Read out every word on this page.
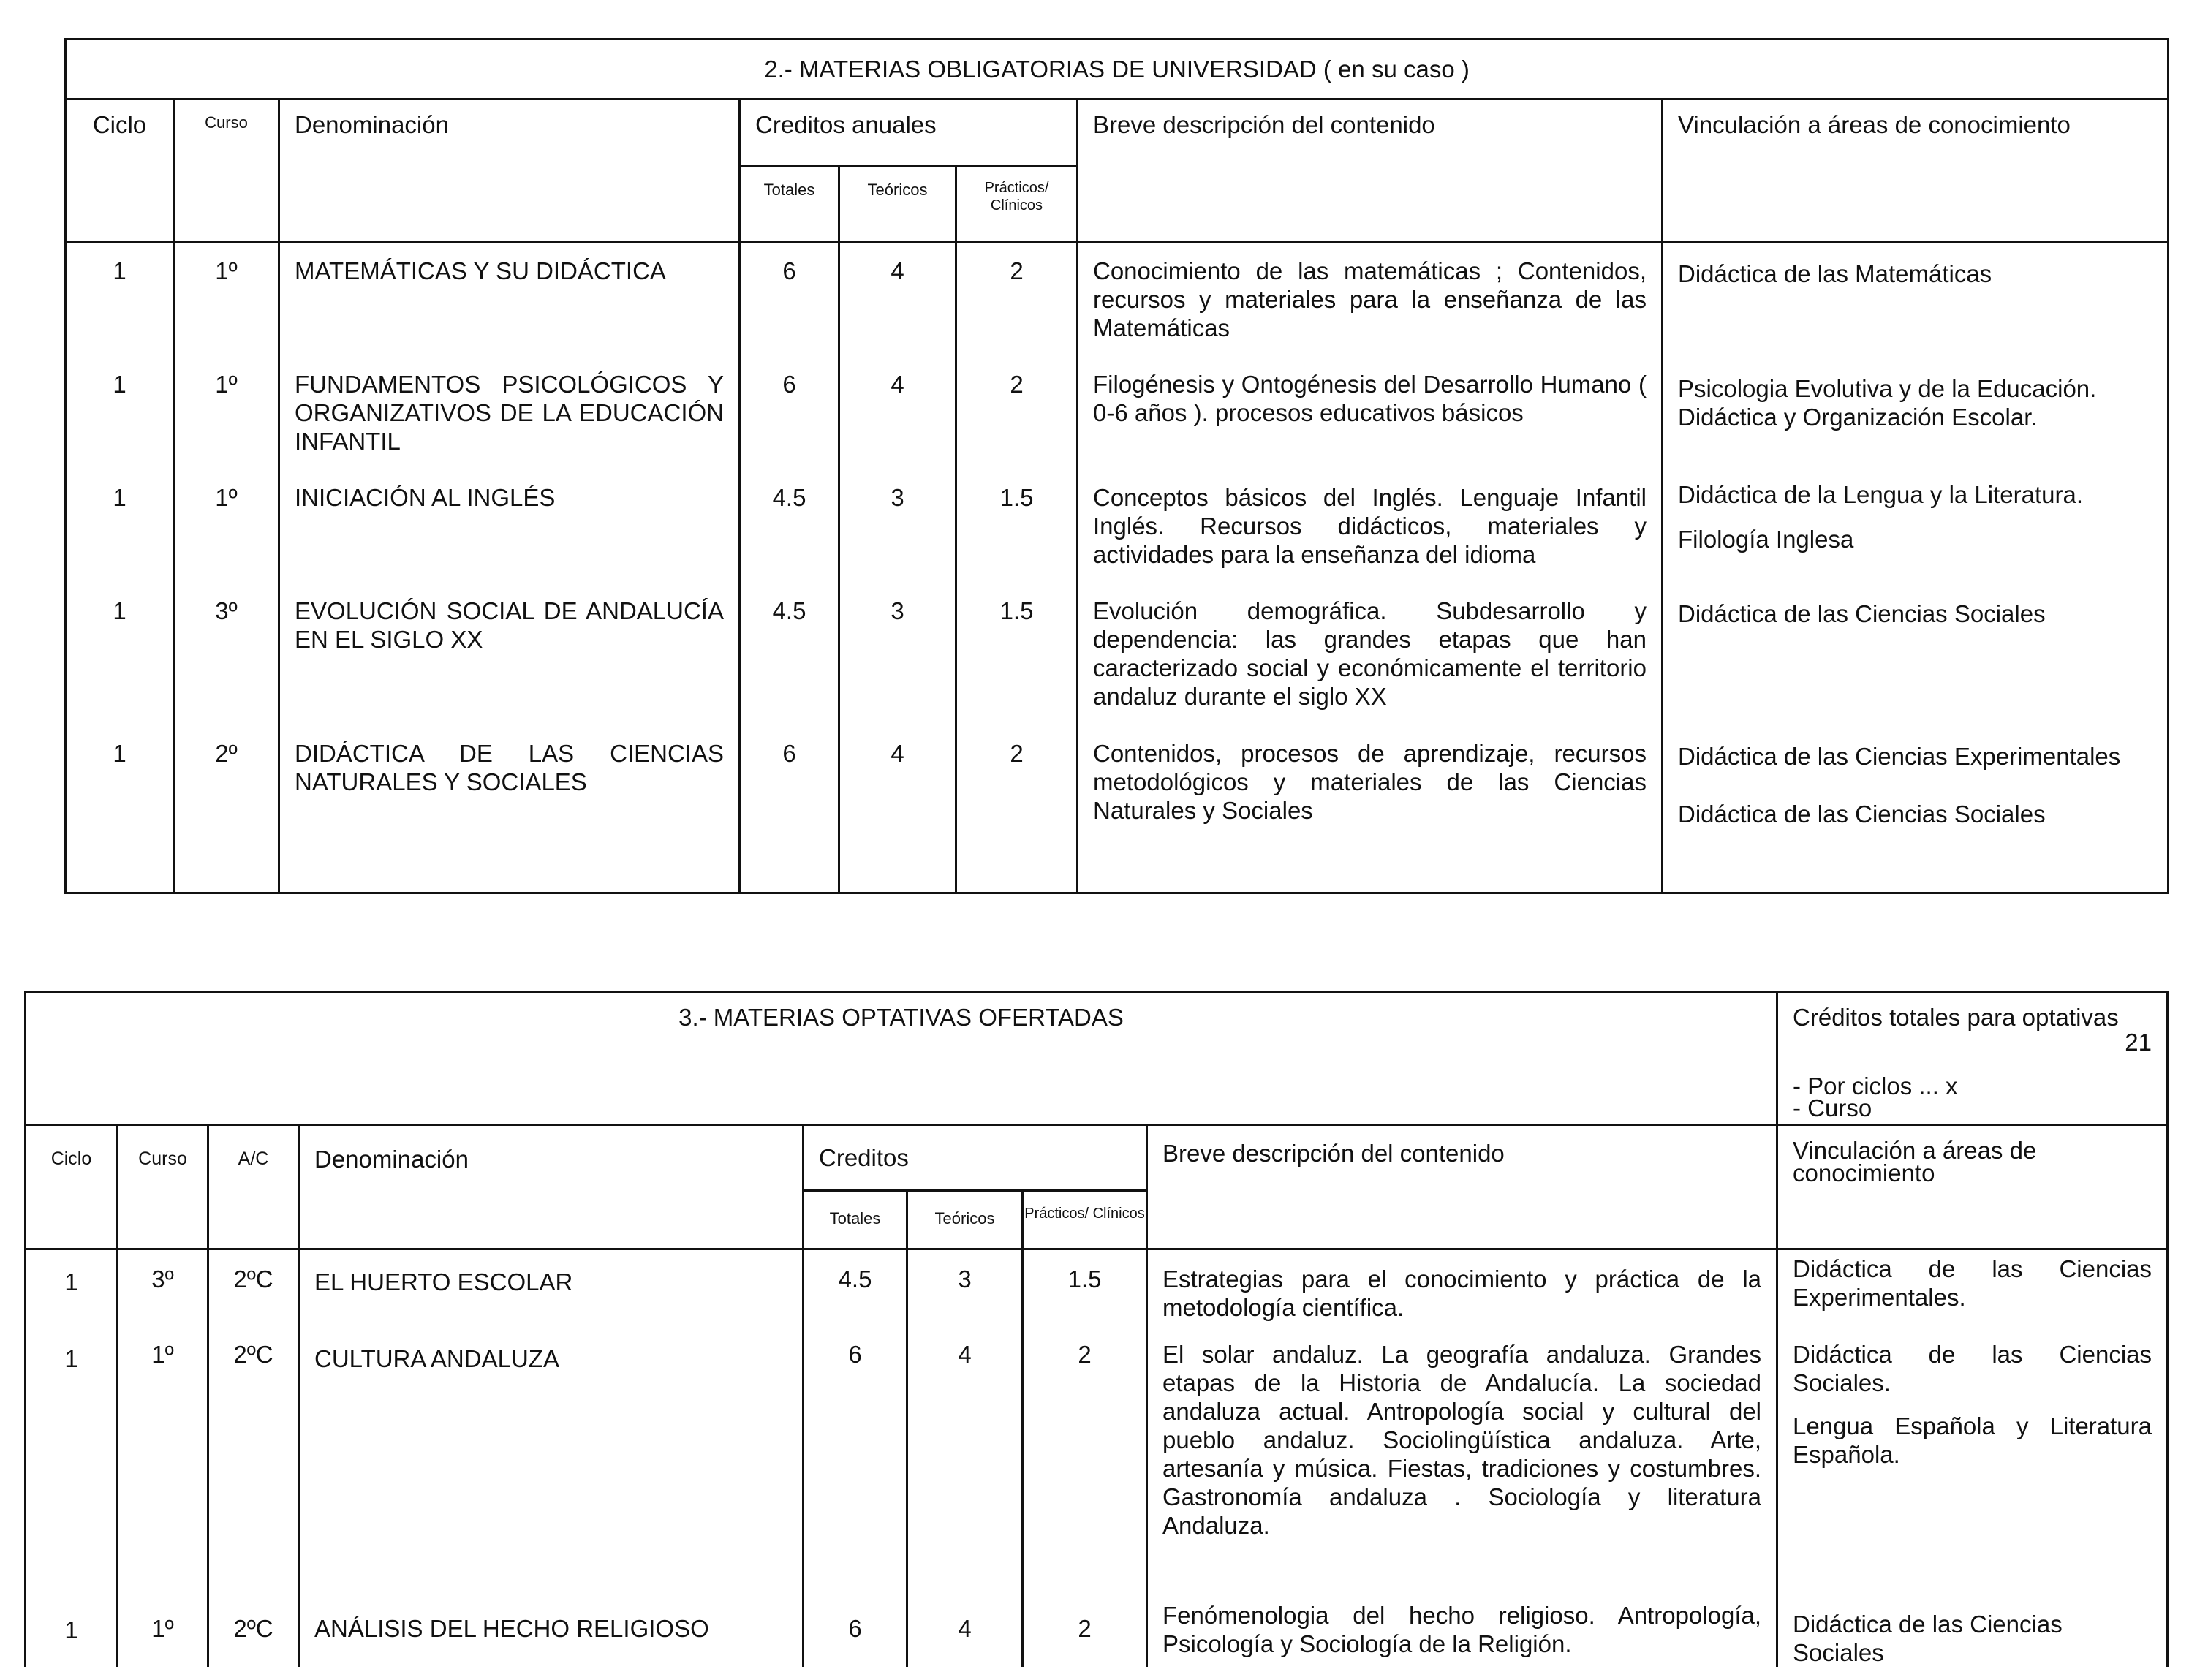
2.- MATERIAS OBLIGATORIAS DE UNIVERSIDAD ( en su caso )							
Ciclo	Curso	Denominación	Creditos anuales			Breve descripción del contenido	Vinculación a áreas de conocimiento
			Totales	Teóricos	Prácticos/ Clínicos		
1	1º	MATEMÁTICAS Y SU DIDÁCTICA	6	4	2	Conocimiento de las matemáticas ; Contenidos, recursos y materiales para la enseñanza de las Matemáticas	Didáctica de las Matemáticas

1	1º	FUNDAMENTOS PSICOLÓGICOS Y ORGANIZATIVOS DE LA EDUCACIÓN INFANTIL	6	4	2	Filogénesis y Ontogénesis del Desarrollo Humano ( 0-6 años ). procesos educativos básicos	Psicologia Evolutiva y de la Educación.
Didáctica y Organización Escolar.

1	1º	INICIACIÓN AL INGLÉS	4.5	3	1.5	Conceptos básicos del Inglés. Lenguaje Infantil Inglés. Recursos didácticos, materiales y actividades para la enseñanza del idioma	Didáctica de la Lengua y la Literatura.
Filología Inglesa

1	3º	EVOLUCIÓN SOCIAL DE ANDALUCÍA EN EL SIGLO XX	4.5	3	1.5	Evolución demográfica. Subdesarrollo y dependencia: las grandes etapas que han caracterizado social y económicamente el territorio andaluz durante el siglo XX	Didáctica de las Ciencias Sociales

1	2º	DIDÁCTICA DE LAS CIENCIAS NATURALES Y SOCIALES	6	4	2	Contenidos, procesos de aprendizaje, recursos metodológicos y materiales de las Ciencias Naturales y Sociales	Didáctica de las Ciencias Experimentales
Didáctica de las Ciencias Sociales
3.- MATERIAS OPTATIVAS OFERTADAS								Créditos totales para optativas
21
- Por ciclos ... x
- Curso

Ciclo	Curso	A/C	Denominación	Creditos			Breve descripción del contenido	Vinculación a áreas de conocimiento
				Totales	Teóricos	Prácticos/ Clínicos		
1	3º	2ºC	EL HUERTO ESCOLAR	4.5	3	1.5	Estrategias para el conocimiento y práctica de la metodología científica.	Didáctica de las Ciencias Experimentales.

1	1º	2ºC	CULTURA ANDALUZA	6	4	2	El solar andaluz. La geografía andaluza. Grandes etapas de la Historia de Andalucía. La sociedad andaluza actual. Antropología social y cultural del pueblo andaluz. Sociolingüística andaluza. Arte, artesanía y música. Fiestas, tradiciones y costumbres. Gastronomía andaluza . Sociología y literatura Andaluza.	Didáctica de las Ciencias Sociales.
Lengua Española y Literatura Española.

1	1º	2ºC	ANÁLISIS DEL HECHO RELIGIOSO	6	4	2	Fenómenologia del hecho religioso. Antropología, Psicología y Sociología de la Religión.	Didáctica de las Ciencias Sociales
